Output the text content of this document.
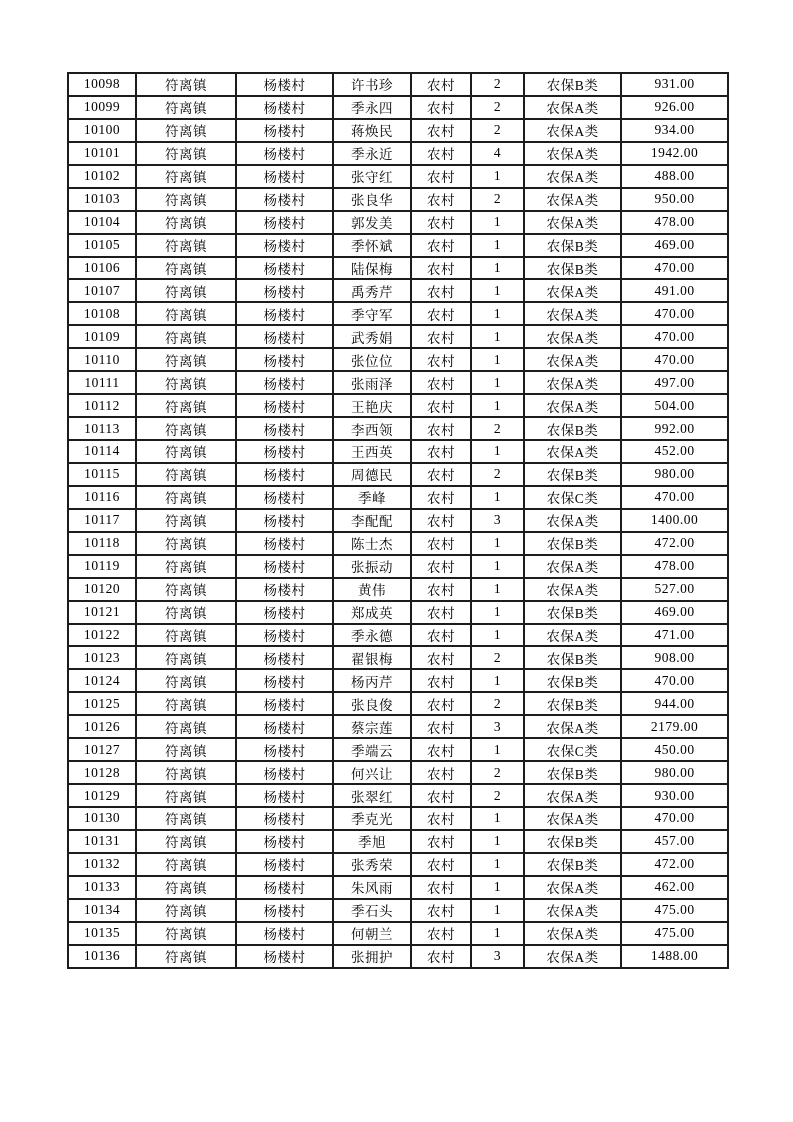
10098	符离镇	杨楼村	许书珍	农村	2	农保B类	931.00
10099	符离镇	杨楼村	季永四	农村	2	农保A类	926.00
10100	符离镇	杨楼村	蒋焕民	农村	2	农保A类	934.00
10101	符离镇	杨楼村	季永近	农村	4	农保A类	1942.00
10102	符离镇	杨楼村	张守红	农村	1	农保A类	488.00
10103	符离镇	杨楼村	张良华	农村	2	农保A类	950.00
10104	符离镇	杨楼村	郭发美	农村	1	农保A类	478.00
10105	符离镇	杨楼村	季怀斌	农村	1	农保B类	469.00
10106	符离镇	杨楼村	陆保梅	农村	1	农保B类	470.00
10107	符离镇	杨楼村	禹秀芹	农村	1	农保A类	491.00
10108	符离镇	杨楼村	季守军	农村	1	农保A类	470.00
10109	符离镇	杨楼村	武秀娟	农村	1	农保A类	470.00
10110	符离镇	杨楼村	张位位	农村	1	农保A类	470.00
10111	符离镇	杨楼村	张雨泽	农村	1	农保A类	497.00
10112	符离镇	杨楼村	王艳庆	农村	1	农保A类	504.00
10113	符离镇	杨楼村	李西领	农村	2	农保B类	992.00
10114	符离镇	杨楼村	王西英	农村	1	农保A类	452.00
10115	符离镇	杨楼村	周德民	农村	2	农保B类	980.00
10116	符离镇	杨楼村	季峰	农村	1	农保C类	470.00
10117	符离镇	杨楼村	李配配	农村	3	农保A类	1400.00
10118	符离镇	杨楼村	陈士杰	农村	1	农保B类	472.00
10119	符离镇	杨楼村	张振动	农村	1	农保A类	478.00
10120	符离镇	杨楼村	黄伟	农村	1	农保A类	527.00
10121	符离镇	杨楼村	郑成英	农村	1	农保B类	469.00
10122	符离镇	杨楼村	季永德	农村	1	农保A类	471.00
10123	符离镇	杨楼村	翟银梅	农村	2	农保B类	908.00
10124	符离镇	杨楼村	杨丙芹	农村	1	农保B类	470.00
10125	符离镇	杨楼村	张良俊	农村	2	农保B类	944.00
10126	符离镇	杨楼村	蔡宗莲	农村	3	农保A类	2179.00
10127	符离镇	杨楼村	季端云	农村	1	农保C类	450.00
10128	符离镇	杨楼村	何兴让	农村	2	农保B类	980.00
10129	符离镇	杨楼村	张翠红	农村	2	农保A类	930.00
10130	符离镇	杨楼村	季克光	农村	1	农保A类	470.00
10131	符离镇	杨楼村	季旭	农村	1	农保B类	457.00
10132	符离镇	杨楼村	张秀荣	农村	1	农保B类	472.00
10133	符离镇	杨楼村	朱风雨	农村	1	农保A类	462.00
10134	符离镇	杨楼村	季石头	农村	1	农保A类	475.00
10135	符离镇	杨楼村	何朝兰	农村	1	农保A类	475.00
10136	符离镇	杨楼村	张拥护	农村	3	农保A类	1488.00
